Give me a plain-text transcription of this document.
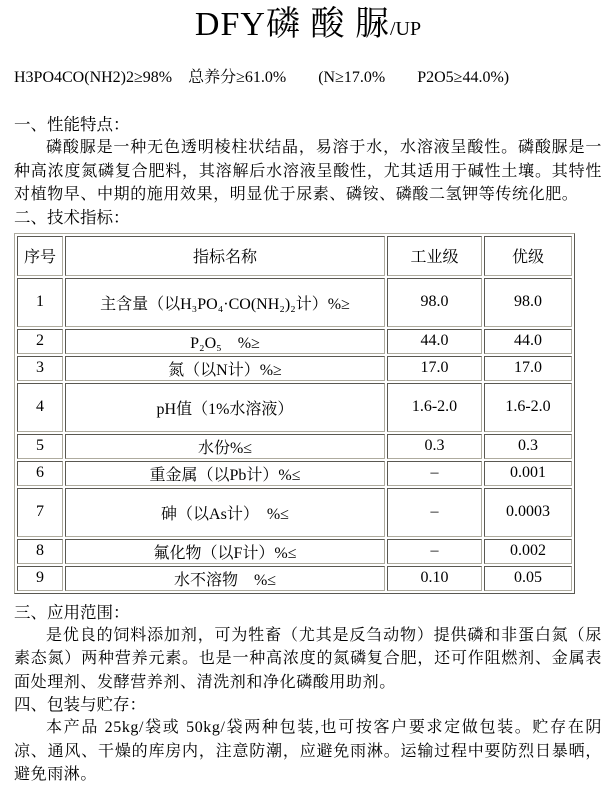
DFY磷 酸 脲/UP
H3PO4CO(NH2)2≥98%　总养分≥61.0%　　(N≥17.0%　　P2O5≥44.0%)
一、性能特点：
磷酸脲是一种无色透明棱柱状结晶，易溶于水，水溶液呈酸性。磷酸脲是一种高浓度氮磷复合肥料，其溶解后水溶液呈酸性，尤其适用于碱性土壤。其特性对植物早、中期的施用效果，明显优于尿素、磷铵、磷酸二氢钾等传统化肥。
二、技术指标：
序号	指标名称	工业级	优级
1	主含量（以H₃PO₄·CO(NH₂)₂计）%≥	98.0	98.0
2	P₂O₅　%≥	44.0	44.0
3	氮（以N计）%≥	17.0	17.0
4	pH值（1%水溶液）	1.6-2.0	1.6-2.0
5	水份%≤	0.3	0.3
6	重金属（以Pb计）%≤	–	0.001
7	砷（以As计）　%≤	–	0.0003
8	氟化物（以F计）%≤	–	0.002
9	水不溶物　%≤	0.10	0.05
三、应用范围：
是优良的饲料添加剂，可为牲畜（尤其是反刍动物）提供磷和非蛋白氮（尿素态氮）两种营养元素。也是一种高浓度的氮磷复合肥，还可作阻燃剂、金属表面处理剂、发酵营养剂、清洗剂和净化磷酸用助剂。
四、包装与贮存：
本产品 25kg/袋或 50kg/袋两种包装,也可按客户要求定做包装。贮存在阴凉、通风、干燥的库房内，注意防潮，应避免雨淋。运输过程中要防烈日暴晒，避免雨淋。
